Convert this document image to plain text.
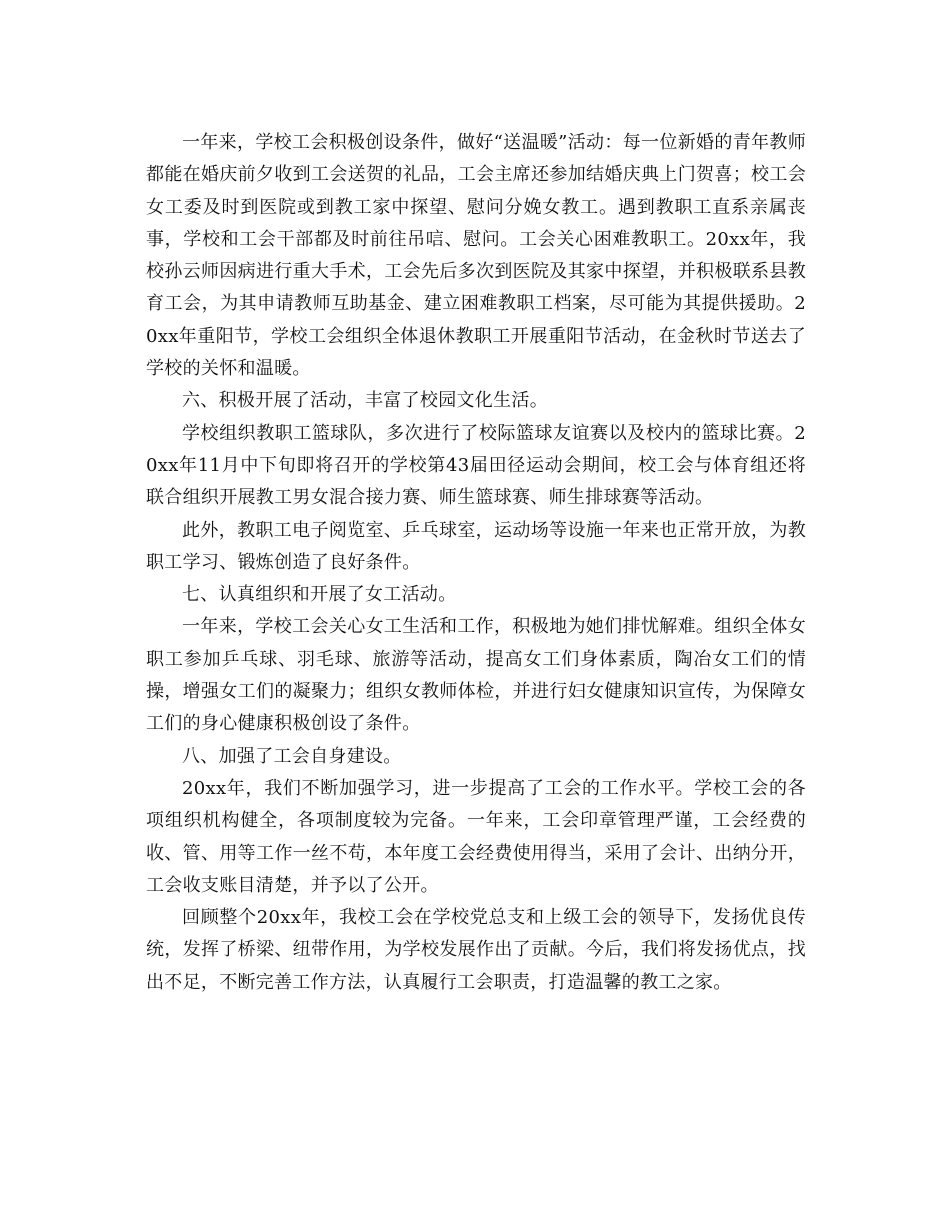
一年来，学校工会积极创设条件，做好“送温暖”活动：每一位新婚的青年教师都能在婚庆前夕收到工会送贺的礼品，工会主席还参加结婚庆典上门贺喜；校工会女工委及时到医院或到教工家中探望、慰问分娩女教工。遇到教职工直系亲属丧事，学校和工会干部都及时前往吊唁、慰问。工会关心困难教职工。20xx年，我校孙云师因病进行重大手术，工会先后多次到医院及其家中探望，并积极联系县教育工会，为其申请教师互助基金、建立困难教职工档案，尽可能为其提供援助。20xx年重阳节，学校工会组织全体退休教职工开展重阳节活动，在金秋时节送去了学校的关怀和温暖。

六、积极开展了活动，丰富了校园文化生活。

学校组织教职工篮球队，多次进行了校际篮球友谊赛以及校内的篮球比赛。20xx年11月中下旬即将召开的学校第43届田径运动会期间，校工会与体育组还将联合组织开展教工男女混合接力赛、师生篮球赛、师生排球赛等活动。

此外，教职工电子阅览室、乒乓球室，运动场等设施一年来也正常开放，为教职工学习、锻炼创造了良好条件。

七、认真组织和开展了女工活动。

一年来，学校工会关心女工生活和工作，积极地为她们排忧解难。组织全体女职工参加乒乓球、羽毛球、旅游等活动，提高女工们身体素质，陶冶女工们的情操，增强女工们的凝聚力；组织女教师体检，并进行妇女健康知识宣传，为保障女工们的身心健康积极创设了条件。

八、加强了工会自身建设。

20xx年，我们不断加强学习，进一步提高了工会的工作水平。学校工会的各项组织机构健全，各项制度较为完备。一年来，工会印章管理严谨，工会经费的收、管、用等工作一丝不苟，本年度工会经费使用得当，采用了会计、出纳分开，工会收支账目清楚，并予以了公开。

回顾整个20xx年，我校工会在学校党总支和上级工会的领导下，发扬优良传统，发挥了桥梁、纽带作用，为学校发展作出了贡献。今后，我们将发扬优点，找出不足，不断完善工作方法，认真履行工会职责，打造温馨的教工之家。
